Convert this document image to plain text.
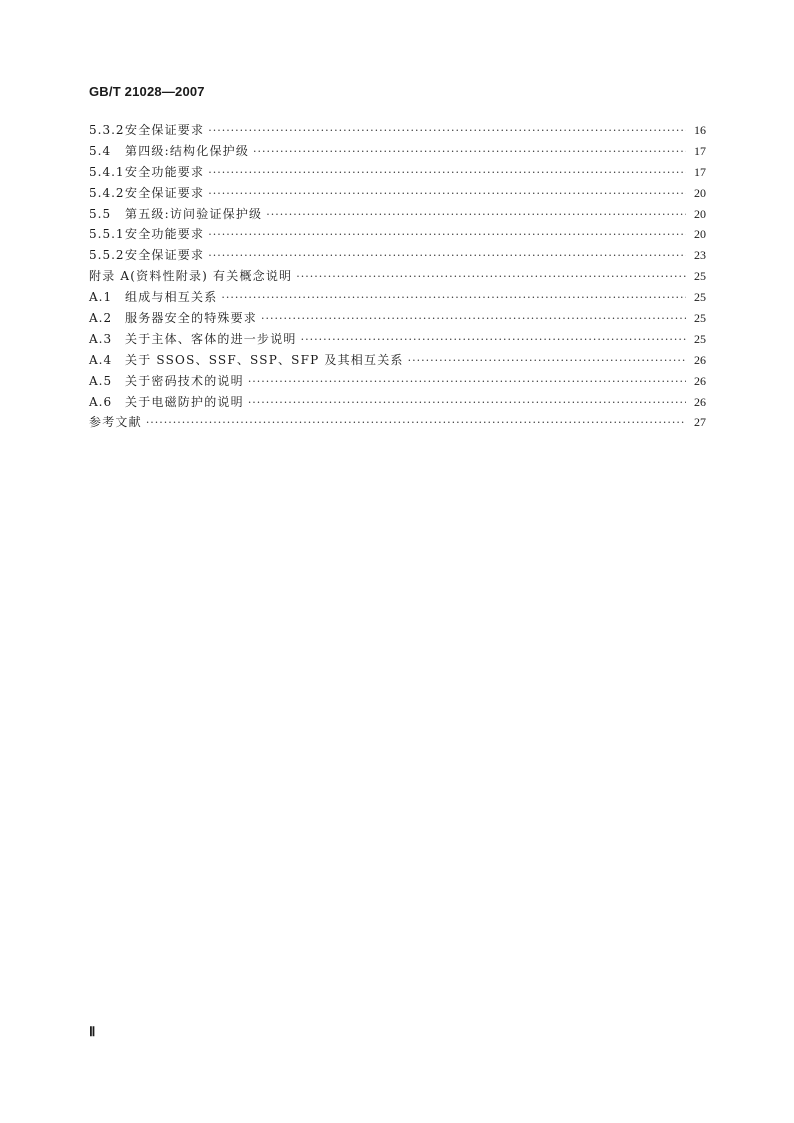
GB/T 21028—2007
5.3.2 安全保证要求 ·····	16
5.4	第四级:结构化保护级 ·····	17
5.4.1 安全功能要求 ·····	17
5.4.2 安全保证要求 ·····	20
5.5	第五级:访问验证保护级 ·····	20
5.5.1 安全功能要求 ·····	20
5.5.2 安全保证要求 ·····	23
附录 A(资料性附录) 有关概念说明 ·····	25
A.1	组成与相互关系 ·····	25
A.2	服务器安全的特殊要求 ·····	25
A.3	关于主体、客体的进一步说明 ·····	25
A.4	关于 SSOS、SSF、SSP、SFP 及其相互关系 ·····	26
A.5	关于密码技术的说明 ·····	26
A.6	关于电磁防护的说明 ·····	26
参考文献 ·····	27
Ⅱ
